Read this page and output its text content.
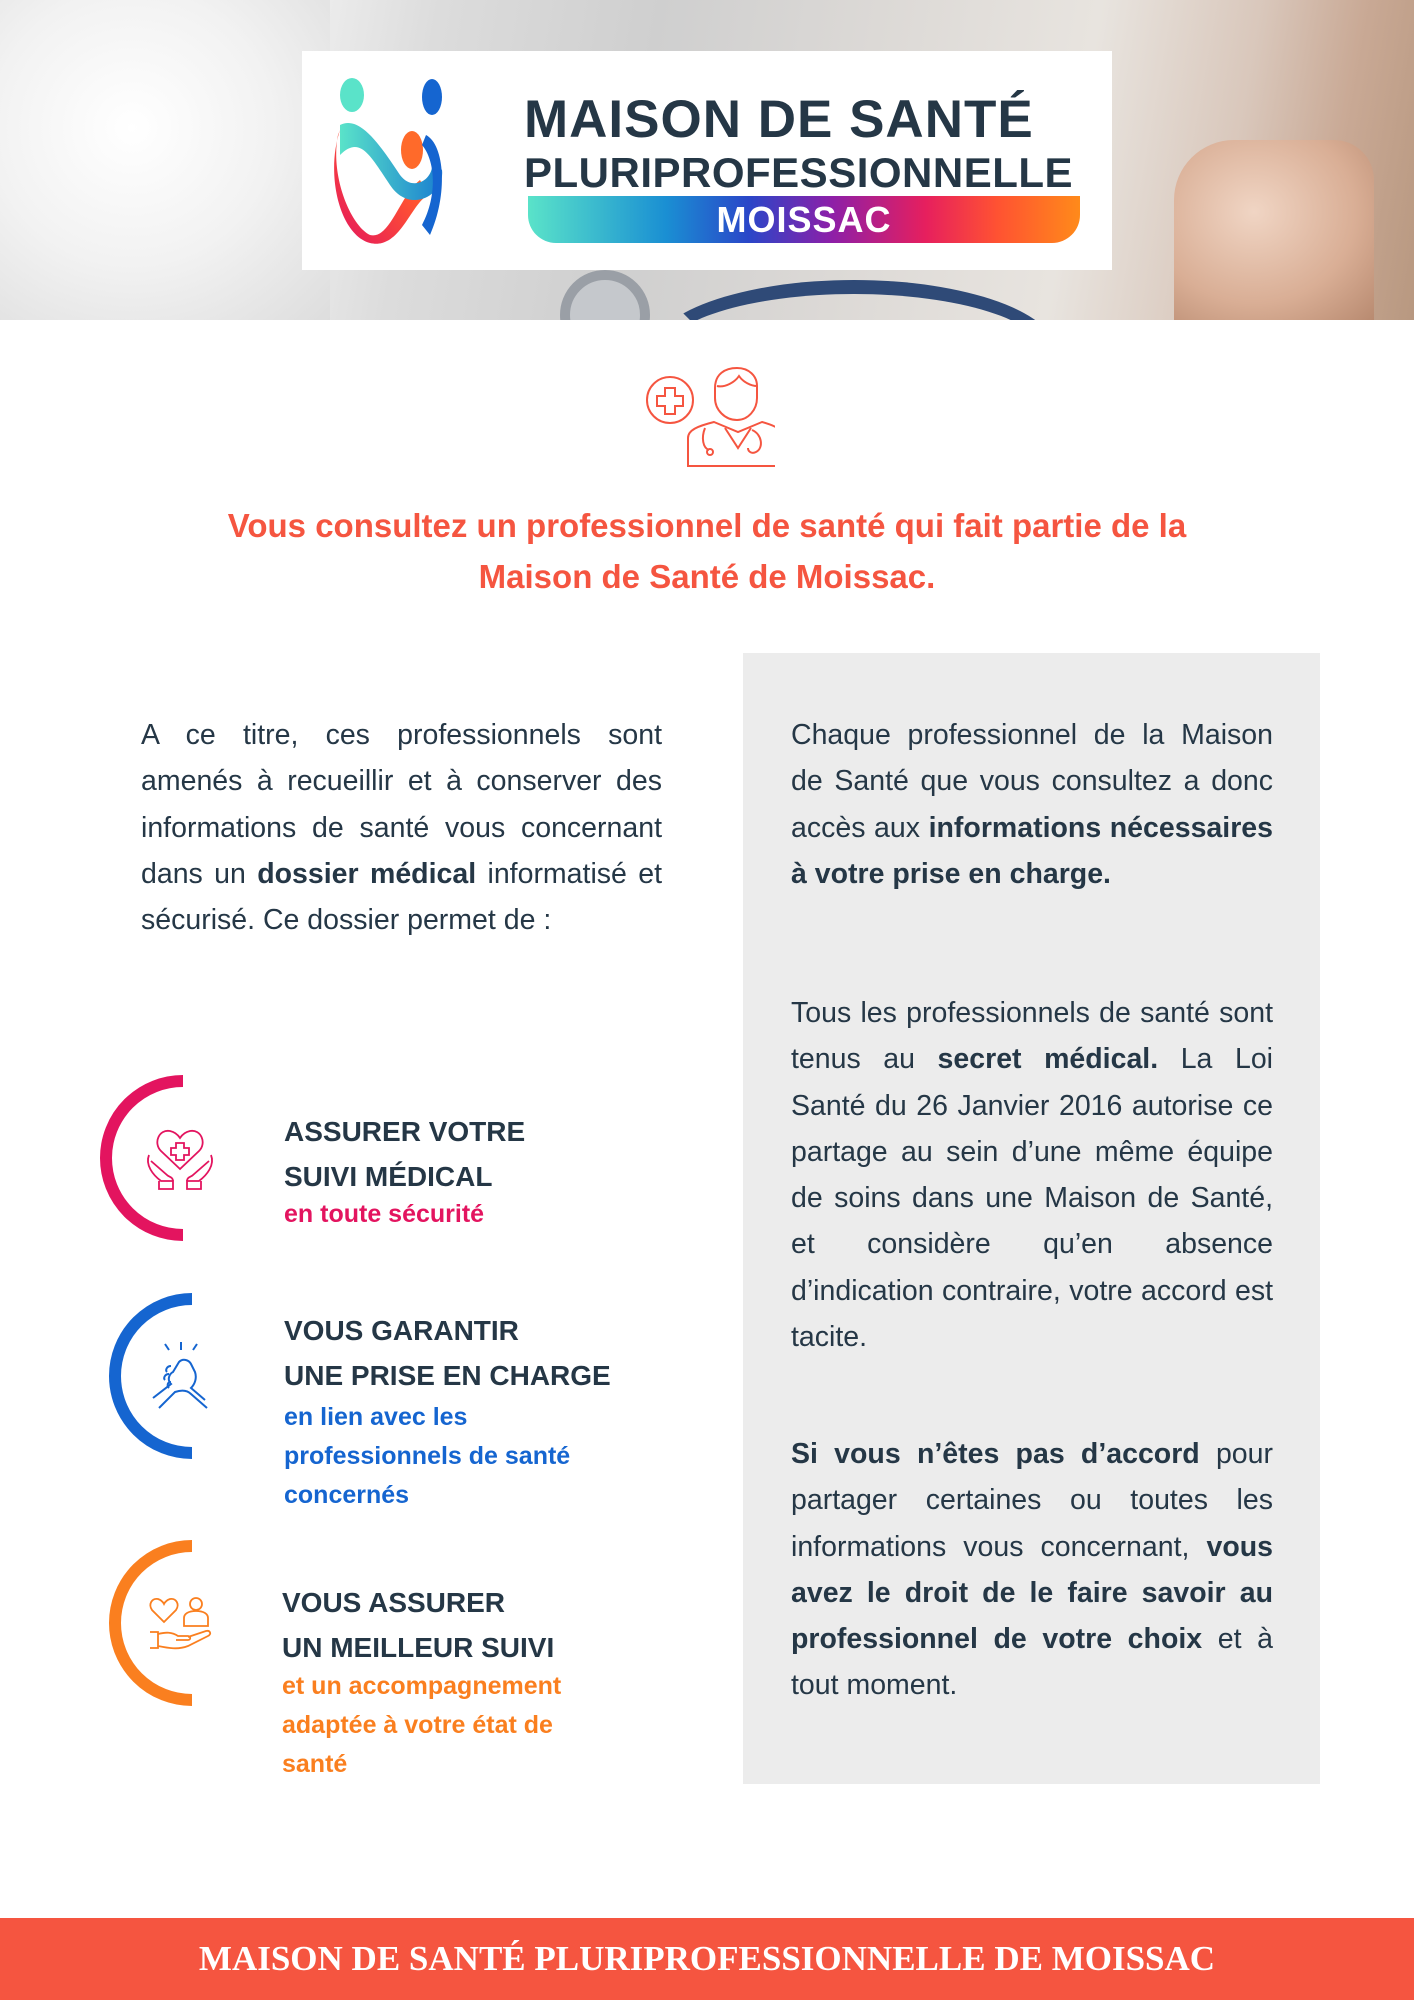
MAISON DE SANTÉ
PLURIPROFESSIONNELLE
MOISSAC
Vous consultez un professionnel de santé qui fait partie de la
Maison de Santé de Moissac.
A ce titre, ces professionnels sont amenés à recueillir et à conserver des informations de santé vous concernant dans un dossier médical informatisé et sécurisé. Ce dossier permet de :
ASSURER VOTRE
SUIVI MÉDICAL
en toute sécurité
VOUS GARANTIR
UNE PRISE EN CHARGE
en lien avec les
professionnels de santé
concernés
VOUS ASSURER
UN MEILLEUR SUIVI
et un accompagnement
adaptée à votre état de
santé
Chaque professionnel de la Maison de Santé que vous consultez a donc accès aux informations nécessaires à votre prise en charge.
Tous les professionnels de santé sont tenus au secret médical. La Loi Santé du 26 Janvier 2016 autorise ce partage au sein d’une même équipe de soins dans une Maison de Santé, et considère qu’en absence d’indication contraire, votre accord est tacite.
Si vous n’êtes pas d’accord pour partager certaines ou toutes les informations vous concernant, vous avez le droit de le faire savoir au professionnel de votre choix et à tout moment.
MAISON DE SANTÉ PLURIPROFESSIONNELLE DE MOISSAC
